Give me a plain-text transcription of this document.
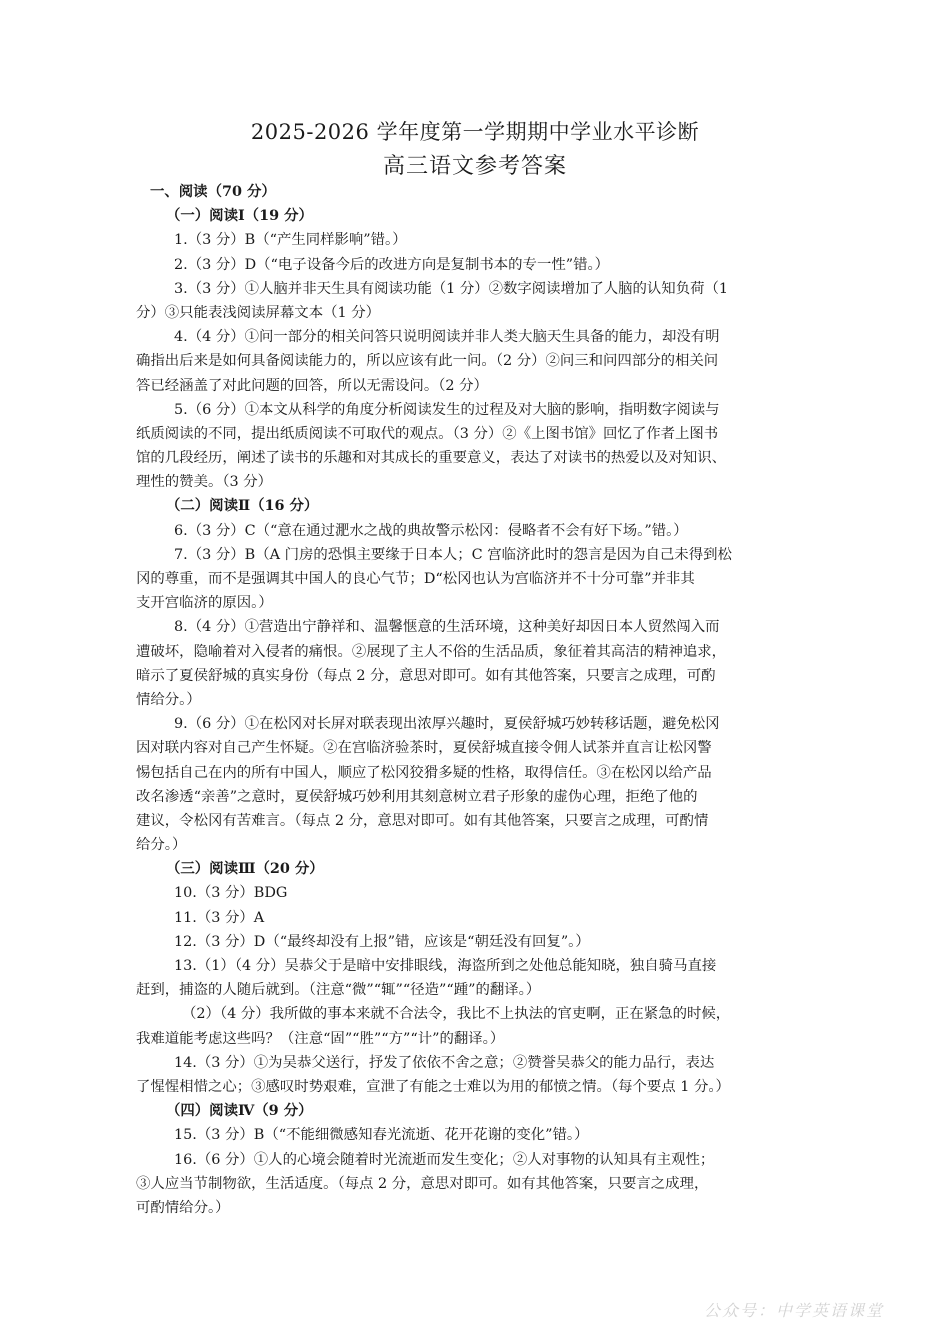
2025-2026 学年度第一学期期中学业水平诊断
高三语文参考答案
一、阅读（70 分）
（一）阅读Ⅰ（19 分）
1.（3 分）B（“产生同样影响”错。）
2.（3 分）D（“电子设备今后的改进方向是复制书本的专一性”错。）
3.（3 分）①人脑并非天生具有阅读功能（1 分）②数字阅读增加了人脑的认知负荷（1
分）③只能表浅阅读屏幕文本（1 分）
4.（4 分）①问一部分的相关问答只说明阅读并非人类大脑天生具备的能力，却没有明
确指出后来是如何具备阅读能力的，所以应该有此一问。（2 分）②问三和问四部分的相关问
答已经涵盖了对此问题的回答，所以无需设问。（2 分）
5.（6 分）①本文从科学的角度分析阅读发生的过程及对大脑的影响，指明数字阅读与
纸质阅读的不同，提出纸质阅读不可取代的观点。（3 分）②《上图书馆》回忆了作者上图书
馆的几段经历，阐述了读书的乐趣和对其成长的重要意义，表达了对读书的热爱以及对知识、
理性的赞美。（3 分）
（二）阅读Ⅱ（16 分）
6.（3 分）C（“意在通过淝水之战的典故警示松冈：侵略者不会有好下场。”错。）
7.（3 分）B（A 门房的恐惧主要缘于日本人；C 宫临济此时的怨言是因为自己未得到松
冈的尊重，而不是强调其中国人的良心气节；D“松冈也认为宫临济并不十分可靠”并非其
支开宫临济的原因。）
8.（4 分）①营造出宁静祥和、温馨惬意的生活环境，这种美好却因日本人贸然闯入而
遭破坏，隐喻着对入侵者的痛恨。②展现了主人不俗的生活品质，象征着其高洁的精神追求，
暗示了夏侯舒城的真实身份（每点 2 分，意思对即可。如有其他答案，只要言之成理，可酌
情给分。）
9.（6 分）①在松冈对长屏对联表现出浓厚兴趣时，夏侯舒城巧妙转移话题，避免松冈
因对联内容对自己产生怀疑。②在宫临济验茶时，夏侯舒城直接令佣人试茶并直言让松冈警
惕包括自己在内的所有中国人，顺应了松冈狡猾多疑的性格，取得信任。③在松冈以给产品
改名渗透“亲善”之意时，夏侯舒城巧妙利用其刻意树立君子形象的虚伪心理，拒绝了他的
建议，令松冈有苦难言。（每点 2 分，意思对即可。如有其他答案，只要言之成理，可酌情
给分。）
（三）阅读Ⅲ（20 分）
10.（3 分）BDG
11.（3 分）A
12.（3 分）D（“最终却没有上报”错，应该是“朝廷没有回复”。）
13.（1）（4 分）吴恭父于是暗中安排眼线，海盗所到之处他总能知晓，独自骑马直接
赶到，捕盗的人随后就到。（注意“微”“辄”“径造”“踵”的翻译。）
（2）（4 分）我所做的事本来就不合法令，我比不上执法的官吏啊，正在紧急的时候，
我难道能考虑这些吗？（注意“固”“胜”“方”“计”的翻译。）
14.（3 分）①为吴恭父送行，抒发了依依不舍之意；②赞誉吴恭父的能力品行，表达
了惺惺相惜之心；③感叹时势艰难，宣泄了有能之士难以为用的郁愤之情。（每个要点 1 分。）
（四）阅读Ⅳ（9 分）
15.（3 分）B（“不能细微感知春光流逝、花开花谢的变化”错。）
16.（6 分）①人的心境会随着时光流逝而发生变化；②人对事物的认知具有主观性；
③人应当节制物欲，生活适度。（每点 2 分，意思对即可。如有其他答案，只要言之成理，
可酌情给分。）
公众号：中学英语课堂
